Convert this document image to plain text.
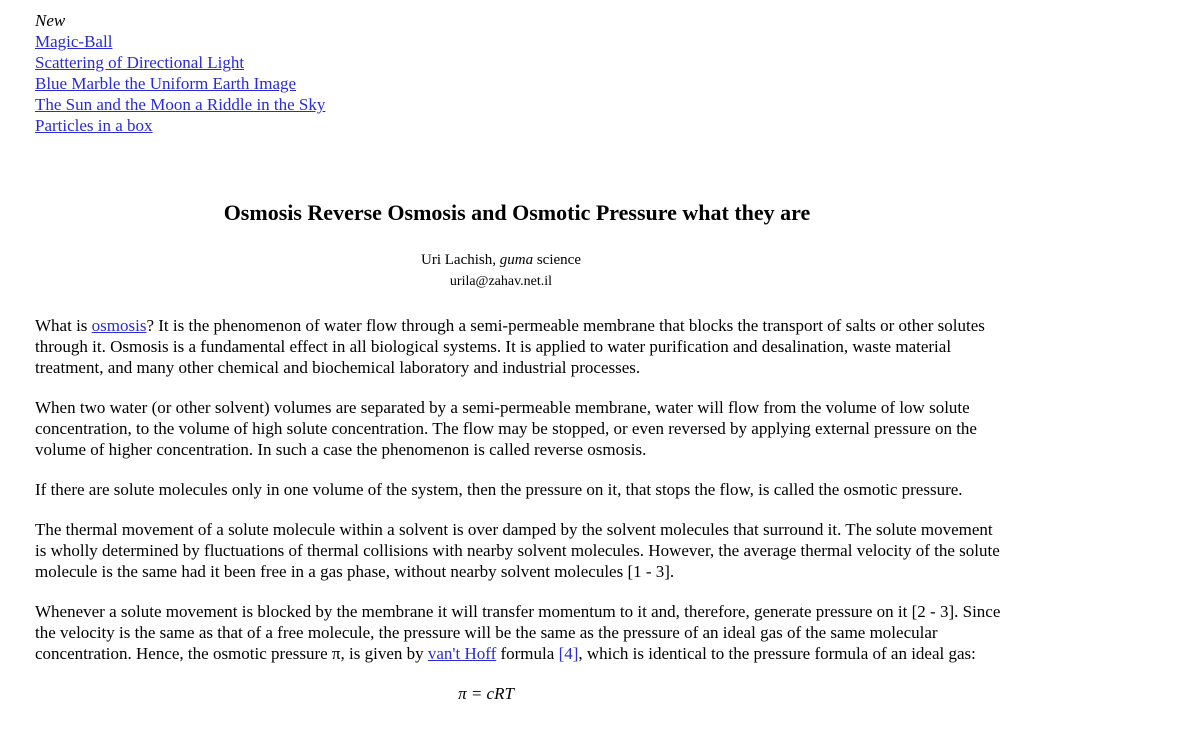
New
Magic-Ball
Scattering of Directional Light
Blue Marble the Uniform Earth Image
The Sun and the Moon a Riddle in the Sky
Particles in a box
Osmosis Reverse Osmosis and Osmotic Pressure what they are
Uri Lachish, guma science
urila@zahav.net.il

What is osmosis? It is the phenomenon of water flow through a semi-permeable membrane that blocks the transport of salts or other solutes through it. Osmosis is a fundamental effect in all biological systems. It is applied to water purification and desalination, waste material treatment, and many other chemical and biochemical laboratory and industrial processes.

When two water (or other solvent) volumes are separated by a semi-permeable membrane, water will flow from the volume of low solute concentration, to the volume of high solute concentration. The flow may be stopped, or even reversed by applying external pressure on the volume of higher concentration. In such a case the phenomenon is called reverse osmosis.

If there are solute molecules only in one volume of the system, then the pressure on it, that stops the flow, is called the osmotic pressure.

The thermal movement of a solute molecule within a solvent is over damped by the solvent molecules that surround it. The solute movement is wholly determined by fluctuations of thermal collisions with nearby solvent molecules. However, the average thermal velocity of the solute molecule is the same had it been free in a gas phase, without nearby solvent molecules [1 - 3].

Whenever a solute movement is blocked by the membrane it will transfer momentum to it and, therefore, generate pressure on it [2 - 3]. Since the velocity is the same as that of a free molecule, the pressure will be the same as the pressure of an ideal gas of the same molecular concentration. Hence, the osmotic pressure π, is given by van't Hoff formula [4], which is identical to the pressure formula of an ideal gas:

π = cRT
